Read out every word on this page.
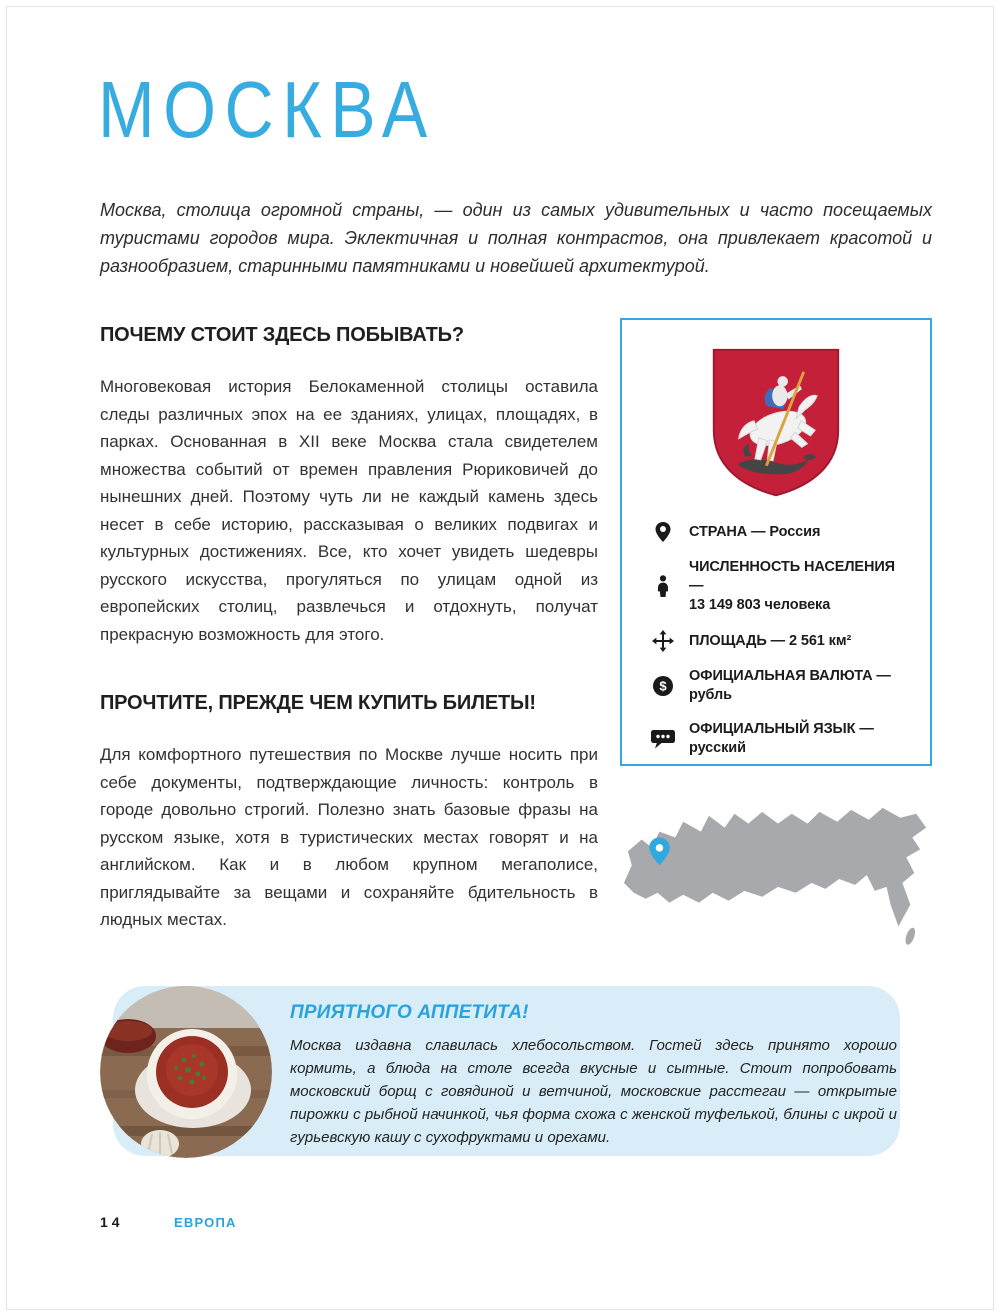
МОСКВА

Москва, столица огромной страны, — один из самых удивительных и часто посещаемых туристами городов мира. Эклектичная и полная контрастов, она привлекает красотой и разнообразием, старинными памятниками и новейшей архитектурой.

ПОЧЕМУ СТОИТ ЗДЕСЬ ПОБЫВАТЬ?

Многовековая история Белокаменной столицы оставила следы различных эпох на ее зданиях, улицах, площадях, в парках. Основанная в XII веке Москва стала свидетелем множества событий от времен правления Рюриковичей до нынешних дней. Поэтому чуть ли не каждый камень здесь несет в себе историю, рассказывая о великих подвигах и культурных достижениях. Все, кто хочет увидеть шедевры русского искусства, прогуляться по улицам одной из европейских столиц, развлечься и отдохнуть, получат прекрасную возможность для этого.

ПРОЧТИТЕ, ПРЕЖДЕ ЧЕМ КУПИТЬ БИЛЕТЫ!

Для комфортного путешествия по Москве лучше носить при себе документы, подтверждающие личность: контроль в городе довольно строгий. Полезно знать базовые фразы на русском языке, хотя в туристических местах говорят и на английском. Как и в любом крупном мегаполисе, приглядывайте за вещами и сохраняйте бдительность в людных местах.

СТРАНА — Россия
ЧИСЛЕННОСТЬ НАСЕЛЕНИЯ —
13 149 803 человека
ПЛОЩАДЬ — 2 561 км²
$
ОФИЦИАЛЬНАЯ ВАЛЮТА —
рубль
ОФИЦИАЛЬНЫЙ ЯЗЫК —
русский
ПРИЯТНОГО АППЕТИТА!

Москва издавна славилась хлебосольством. Гостей здесь принято хорошо кормить, а блюда на столе всегда вкусные и сытные. Стоит попробовать московский борщ с говядиной и ветчиной, московские расстегаи — открытые пирожки с рыбной начинкой, чья форма схожа с женской туфелькой, блины с икрой и гурьевскую кашу с сухофруктами и орехами.

14	ЕВРОПА
